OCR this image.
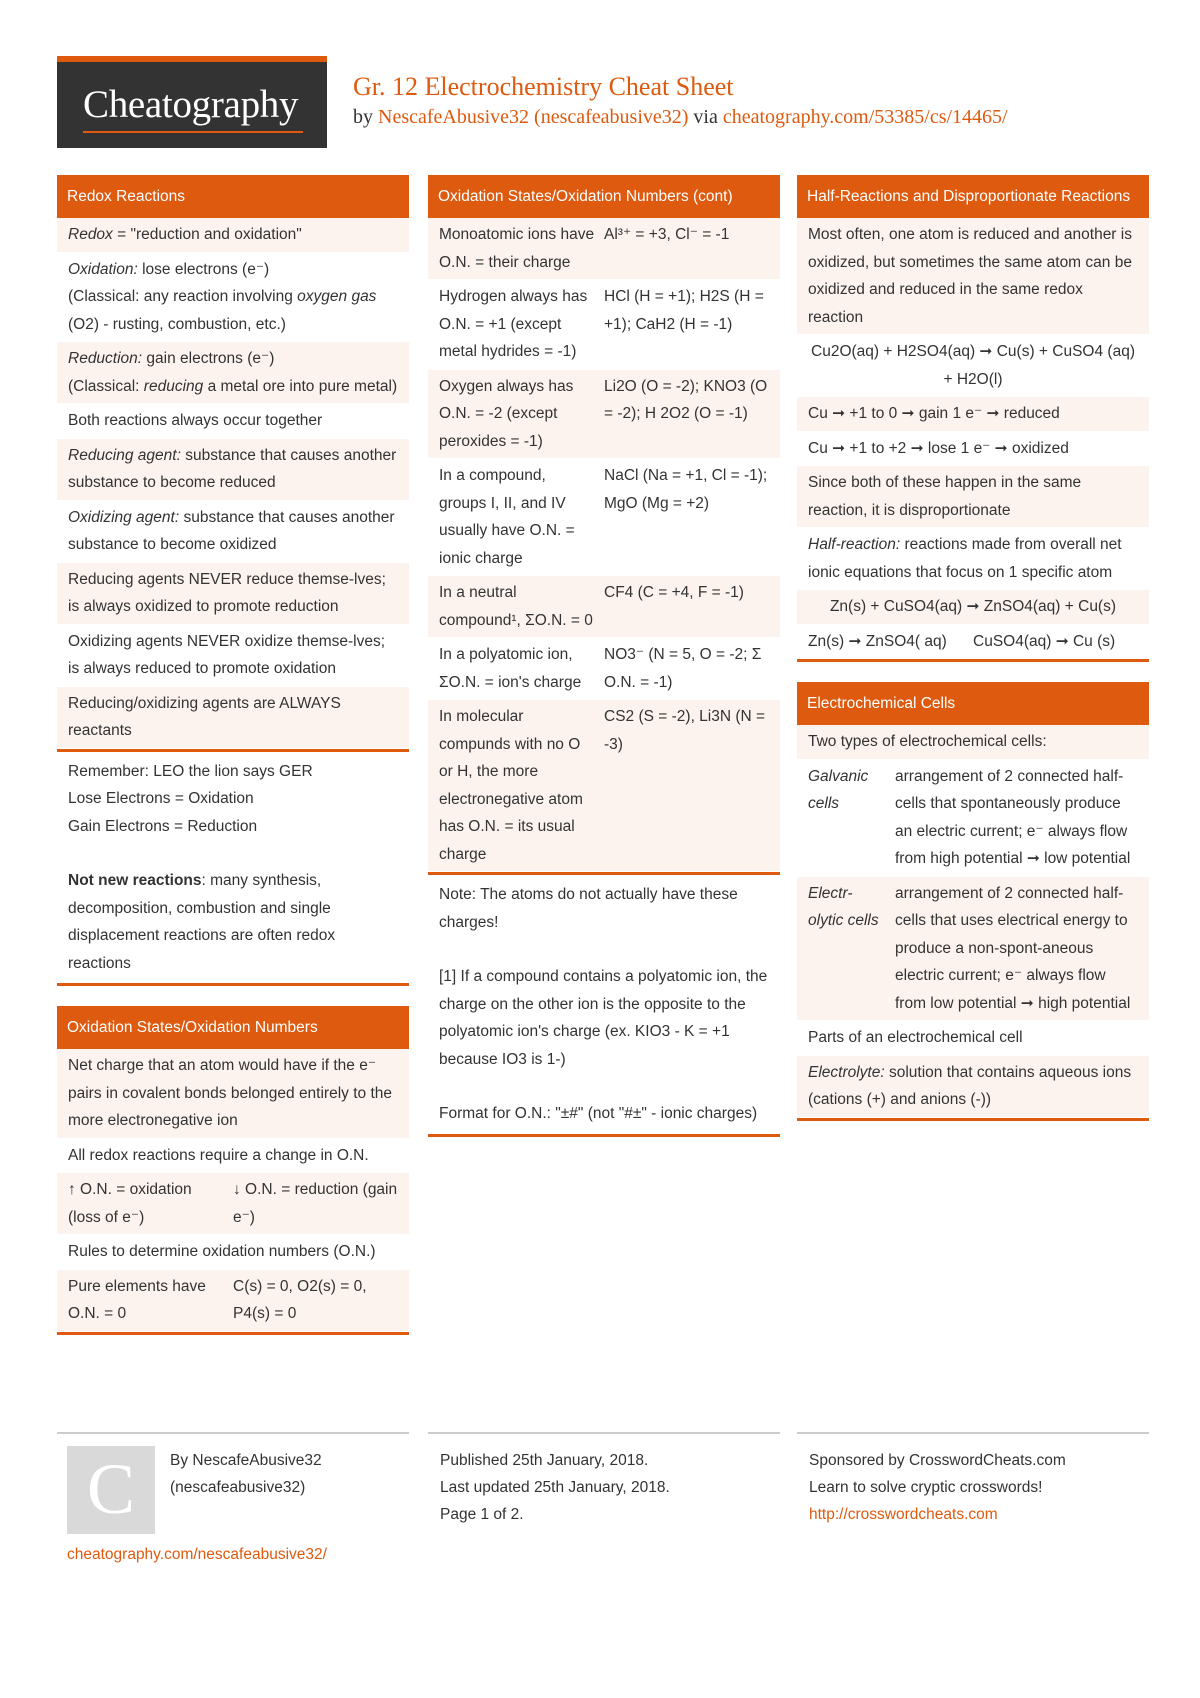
Cheatography Gr. 12 Electrochemistry Cheat Sheet
by NescafeAbusive32 (nescafeabusive32) via cheatography.com/53385/cs/14465/
Redox Reactions
Redox = "reduction and oxidation"
Oxidation: lose electrons (e⁻)
(Classical: any reaction involving oxygen gas (O2) - rusting, combustion, etc.)
Reduction: gain electrons (e⁻)
(Classical: reducing a metal ore into pure metal)
Both reactions always occur together
Reducing agent: substance that causes another substance to become reduced
Oxidizing agent: substance that causes another substance to become oxidized
Reducing agents NEVER reduce themse-lves; is always oxidized to promote reduction
Oxidizing agents NEVER oxidize themse-lves; is always reduced to promote oxidation
Reducing/oxidizing agents are ALWAYS reactants
Remember: LEO the lion says GER
Lose Electrons = Oxidation
Gain Electrons = Reduction
Not new reactions: many synthesis, decomposition, combustion and single displacement reactions are often redox reactions
Oxidation States/Oxidation Numbers
Net charge that an atom would have if the e⁻ pairs in covalent bonds belonged entirely to the more electronegative ion
All redox reactions require a change in O.N.
↑ O.N. = oxidation (loss of e⁻)
↓ O.N. = reduction (gain e⁻)
Rules to determine oxidation numbers (O.N.)
Pure elements have O.N. = 0
C(s) = 0, O2(s) = 0, P4(s) = 0
Oxidation States/Oxidation Numbers (cont)
Monoatomic ions have O.N. = their charge
Al³⁺ = +3, Cl⁻ = -1
Hydrogen always has O.N. = +1 (except metal hydrides = -1)
HCl (H = +1); H2S (H = +1); CaH2 (H = -1)
Oxygen always has O.N. = -2 (except peroxides = -1)
Li2O (O = -2); KNO3 (O = -2); H 2O2 (O = -1)
In a compound, groups I, II, and IV usually have O.N. = ionic charge
NaCl (Na = +1, Cl = -1); MgO (Mg = +2)
In a neutral compound¹, ΣO.N. = 0
CF4 (C = +4, F = -1)
In a polyatomic ion, ΣO.N. = ion's charge
NO3⁻ (N = 5, O = -2; Σ O.N. = -1)
In molecular compunds with no O or H, the more electronegative atom has O.N. = its usual charge
CS2 (S = -2), Li3N (N = -3)
Note: The atoms do not actually have these charges!
[1] If a compound contains a polyatomic ion, the charge on the other ion is the opposite to the polyatomic ion's charge (ex. KIO3 - K = +1 because IO3 is 1-)
Format for O.N.: "±#" (not "#±" - ionic charges)
Half-Reactions and Disproportionate Reactions
Most often, one atom is reduced and another is oxidized, but sometimes the same atom can be oxidized and reduced in the same redox reaction
Cu2O(aq) + H2SO4(aq) ➞ Cu(s) + CuSO4 (aq) + H2O(l)
Cu ➞ +1 to 0 ➞ gain 1 e⁻ ➞ reduced
Cu ➞ +1 to +2 ➞ lose 1 e⁻ ➞ oxidized
Since both of these happen in the same reaction, it is disproportionate
Half-reaction: reactions made from overall net ionic equations that focus on 1 specific atom
Zn(s) + CuSO4(aq) ➞ ZnSO4(aq) + Cu(s)
Zn(s) ➞ ZnSO4( aq)	CuSO4(aq) ➞ Cu (s)
Electrochemical Cells
Two types of electrochemical cells:
Galvanic cells
arrangement of 2 connected half-cells that spontaneously produce an electric current; e⁻ always flow from high potential ➞ low potential
Electr-olytic cells
arrangement of 2 connected half-cells that uses electrical energy to produce a non-spont-aneous electric current; e⁻ always flow from low potential ➞ high potential
Parts of an electrochemical cell
Electrolyte: solution that contains aqueous ions (cations (+) and anions (-))
C	By NescafeAbusive32
(nescafeabusive32)
cheatography.com/nescafeabusive32/
Published 25th January, 2018.
Last updated 25th January, 2018.
Page 1 of 2.
Sponsored by CrosswordCheats.com
Learn to solve cryptic crosswords!
http://crosswordcheats.com
